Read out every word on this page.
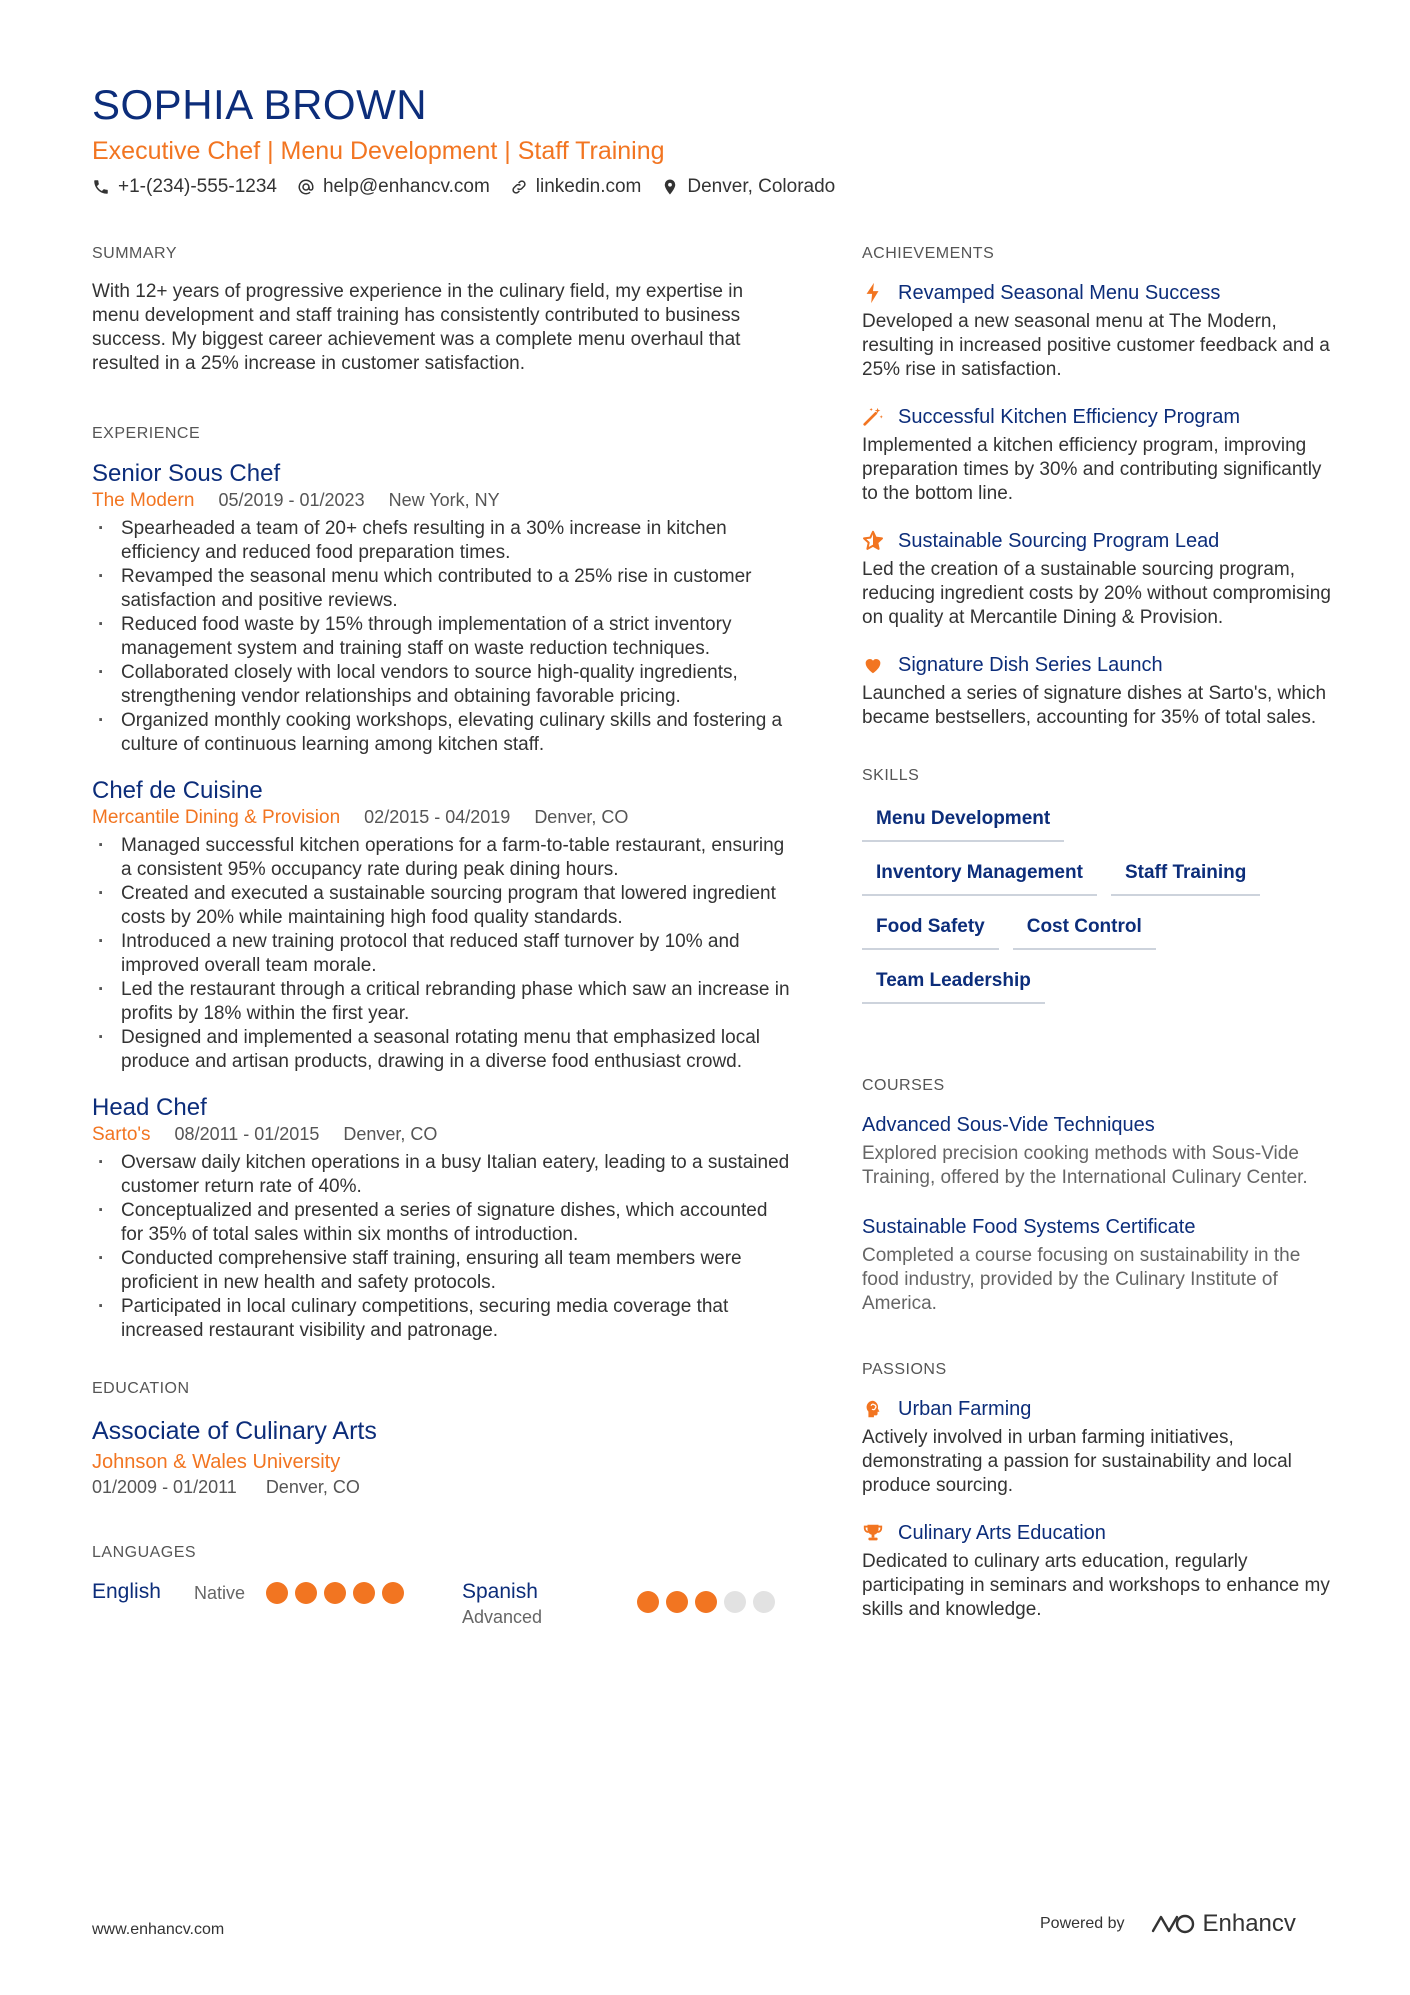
SOPHIA BROWN
Executive Chef | Menu Development | Staff Training
+1-(234)-555-1234 help@enhancv.com linkedin.com Denver, Colorado
SUMMARY
With 12+ years of progressive experience in the culinary field, my expertise in menu development and staff training has consistently contributed to business success. My biggest career achievement was a complete menu overhaul that resulted in a 25% increase in customer satisfaction.
EXPERIENCE
Senior Sous Chef
The Modern 05/2019 - 01/2023 New York, NY
· Spearheaded a team of 20+ chefs resulting in a 30% increase in kitchen efficiency and reduced food preparation times.
· Revamped the seasonal menu which contributed to a 25% rise in customer satisfaction and positive reviews.
· Reduced food waste by 15% through implementation of a strict inventory management system and training staff on waste reduction techniques.
· Collaborated closely with local vendors to source high-quality ingredients, strengthening vendor relationships and obtaining favorable pricing.
· Organized monthly cooking workshops, elevating culinary skills and fostering a culture of continuous learning among kitchen staff.
Chef de Cuisine
Mercantile Dining & Provision 02/2015 - 04/2019 Denver, CO
· Managed successful kitchen operations for a farm-to-table restaurant, ensuring a consistent 95% occupancy rate during peak dining hours.
· Created and executed a sustainable sourcing program that lowered ingredient costs by 20% while maintaining high food quality standards.
· Introduced a new training protocol that reduced staff turnover by 10% and improved overall team morale.
· Led the restaurant through a critical rebranding phase which saw an increase in profits by 18% within the first year.
· Designed and implemented a seasonal rotating menu that emphasized local produce and artisan products, drawing in a diverse food enthusiast crowd.
Head Chef
Sarto's 08/2011 - 01/2015 Denver, CO
· Oversaw daily kitchen operations in a busy Italian eatery, leading to a sustained customer return rate of 40%.
· Conceptualized and presented a series of signature dishes, which accounted for 35% of total sales within six months of introduction.
· Conducted comprehensive staff training, ensuring all team members were proficient in new health and safety protocols.
· Participated in local culinary competitions, securing media coverage that increased restaurant visibility and patronage.
EDUCATION
Associate of Culinary Arts
Johnson & Wales University
01/2009 - 01/2011 Denver, CO
LANGUAGES
English	Native	Spanish
Advanced
ACHIEVEMENTS
Revamped Seasonal Menu Success
Developed a new seasonal menu at The Modern, resulting in increased positive customer feedback and a 25% rise in satisfaction.
Successful Kitchen Efficiency Program
Implemented a kitchen efficiency program, improving preparation times by 30% and contributing significantly to the bottom line.
Sustainable Sourcing Program Lead
Led the creation of a sustainable sourcing program, reducing ingredient costs by 20% without compromising on quality at Mercantile Dining & Provision.
Signature Dish Series Launch
Launched a series of signature dishes at Sarto's, which became bestsellers, accounting for 35% of total sales.
SKILLS
Menu Development
Inventory Management	Staff Training
Food Safety	Cost Control
Team Leadership
COURSES
Advanced Sous-Vide Techniques
Explored precision cooking methods with Sous-Vide Training, offered by the International Culinary Center.
Sustainable Food Systems Certificate
Completed a course focusing on sustainability in the food industry, provided by the Culinary Institute of America.
PASSIONS
Urban Farming
Actively involved in urban farming initiatives, demonstrating a passion for sustainability and local produce sourcing.
Culinary Arts Education
Dedicated to culinary arts education, regularly participating in seminars and workshops to enhance my skills and knowledge.
www.enhancv.com	Powered by	Enhancv
